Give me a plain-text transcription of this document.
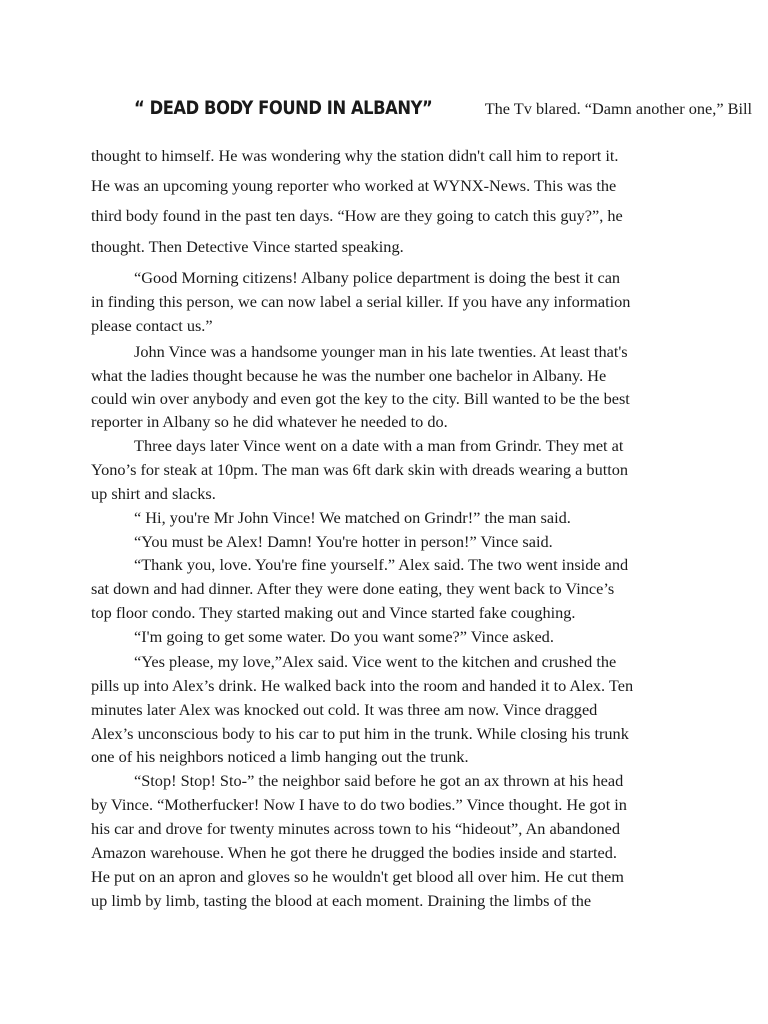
“ DEAD BODY FOUND IN ALBANY”	The Tv blared. “Damn another one,” Bill
thought to himself. He was wondering why the station didn't call him to report it.
He was an upcoming young reporter who worked at WYNX-News. This was the
third body found in the past ten days. “How are they going to catch this guy?”, he
thought. Then Detective Vince started speaking.
“Good Morning citizens! Albany police department is doing the best it can
in finding this person, we can now label a serial killer. If you have any information
please contact us.”
John Vince was a handsome younger man in his late twenties. At least that's
what the ladies thought because he was the number one bachelor in Albany. He
could win over anybody and even got the key to the city. Bill wanted to be the best
reporter in Albany so he did whatever he needed to do.
Three days later Vince went on a date with a man from Grindr. They met at
Yono’s for steak at 10pm. The man was 6ft dark skin with dreads wearing a button
up shirt and slacks.
“ Hi, you're Mr John Vince! We matched on Grindr!” the man said.
“You must be Alex! Damn! You're hotter in person!” Vince said.
“Thank you, love. You're fine yourself.” Alex said. The two went inside and
sat down and had dinner. After they were done eating, they went back to Vince’s
top floor condo. They started making out and Vince started fake coughing.
“I'm going to get some water. Do you want some?” Vince asked.
“Yes please, my love,”Alex said. Vice went to the kitchen and crushed the
pills up into Alex’s drink. He walked back into the room and handed it to Alex. Ten
minutes later Alex was knocked out cold. It was three am now. Vince dragged
Alex’s unconscious body to his car to put him in the trunk. While closing his trunk
one of his neighbors noticed a limb hanging out the trunk.
“Stop! Stop! Sto-” the neighbor said before he got an ax thrown at his head
by Vince. “Motherfucker! Now I have to do two bodies.” Vince thought. He got in
his car and drove for twenty minutes across town to his “hideout”, An abandoned
Amazon warehouse. When he got there he drugged the bodies inside and started.
He put on an apron and gloves so he wouldn't get blood all over him. He cut them
up limb by limb, tasting the blood at each moment. Draining the limbs of the
